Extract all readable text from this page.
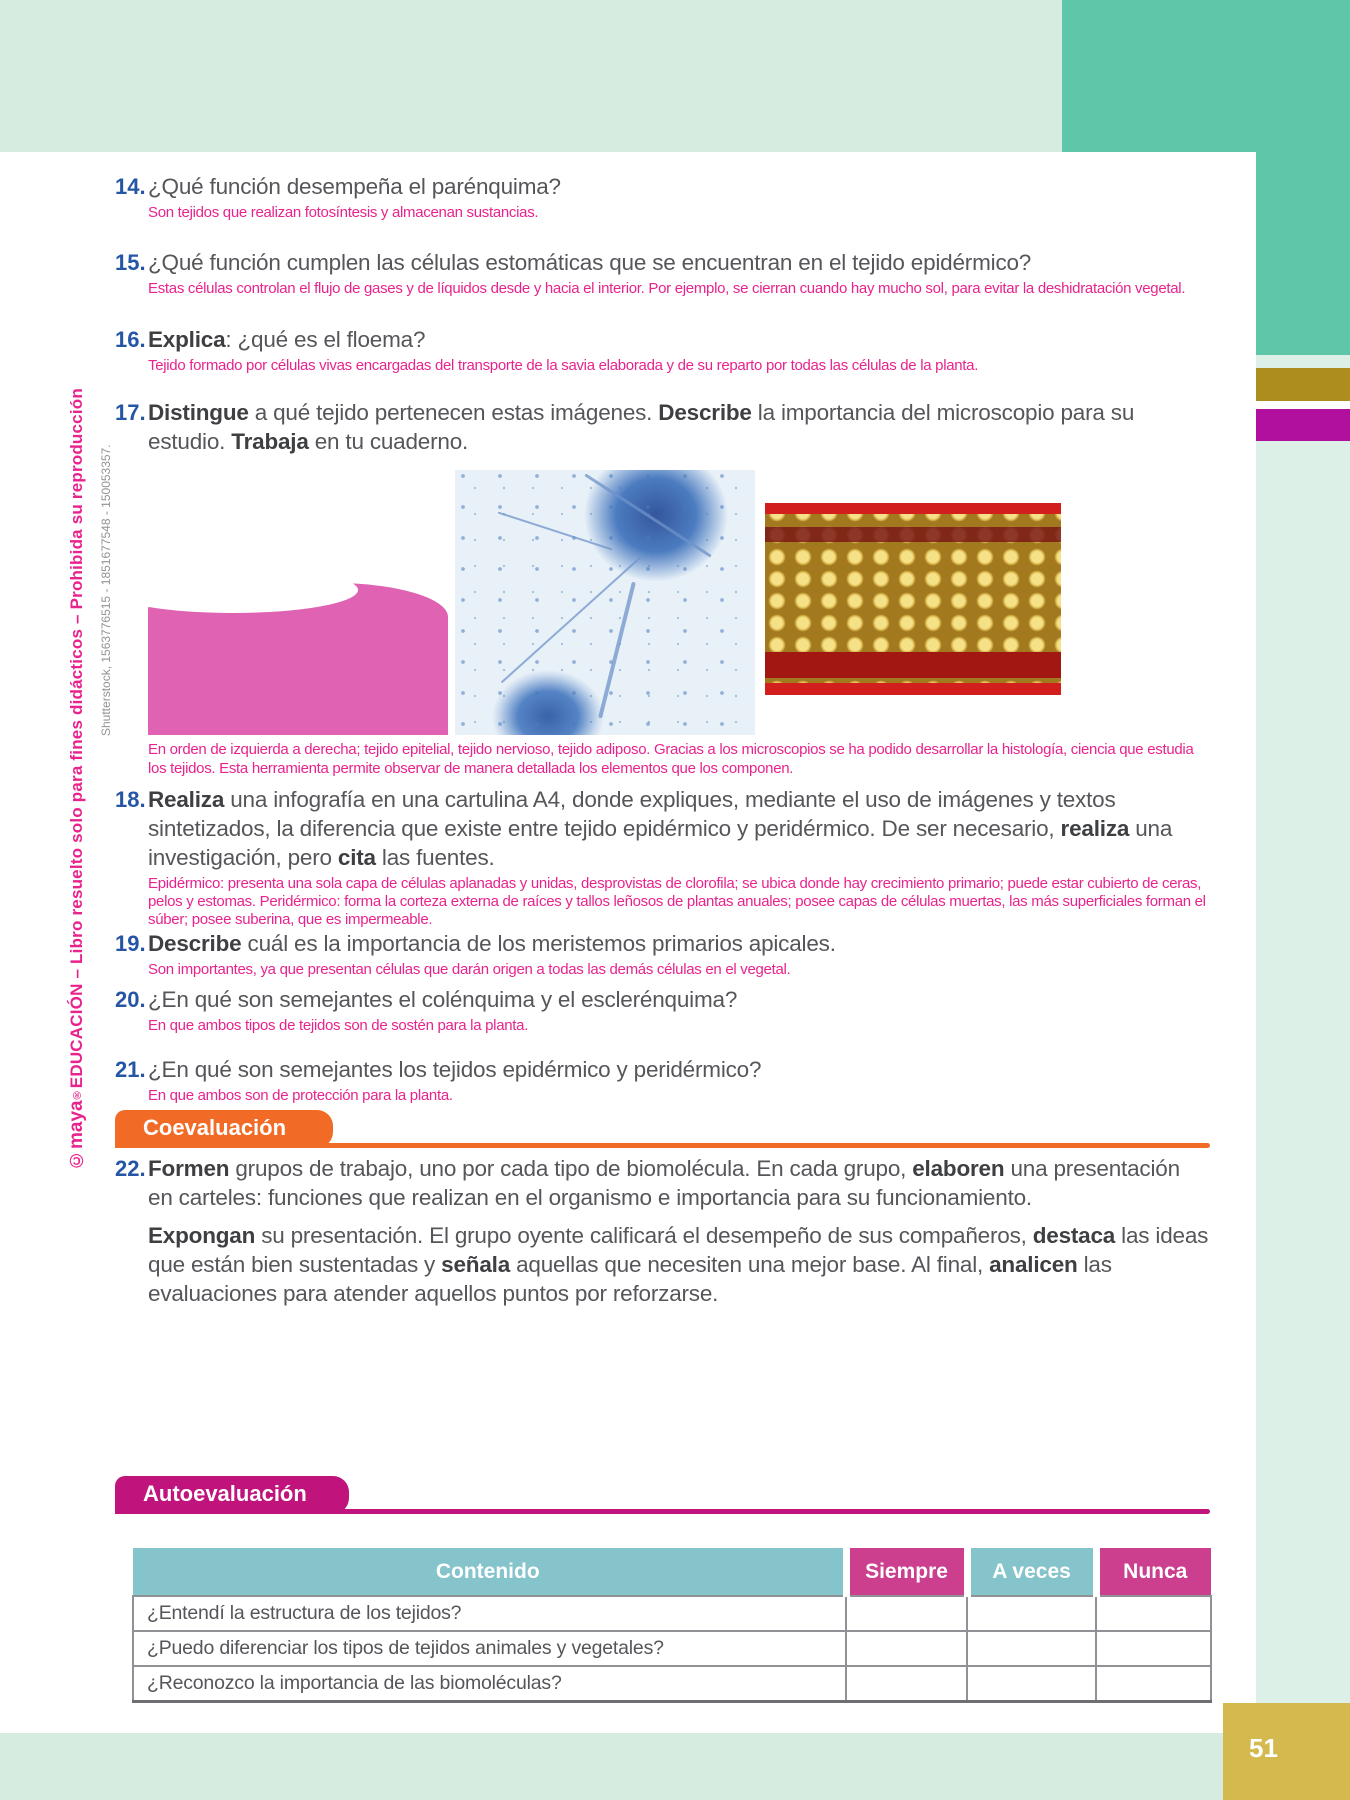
51
©maya®EDUCACIÓN – Libro resuelto solo para fines didácticos – Prohibida su reproducción	Shutterstock, 1563776515 - 1851677548 - 150053357.
14. ¿Qué función desempeña el parénquima?

Son tejidos que realizan fotosíntesis y almacenan sustancias.

15. ¿Qué función cumplen las células estomáticas que se encuentran en el tejido epidérmico?

Estas células controlan el flujo de gases y de líquidos desde y hacia el interior. Por ejemplo, se cierran cuando hay mucho sol, para evitar la deshidratación vegetal.

16. Explica: ¿qué es el floema?

Tejido formado por células vivas encargadas del transporte de la savia elaborada y de su reparto por todas las células de la planta.

17. Distingue a qué tejido pertenecen estas imágenes. Describe la importancia del microscopio para su estudio. Trabaja en tu cuaderno.

En orden de izquierda a derecha; tejido epitelial, tejido nervioso, tejido adiposo. Gracias a los microscopios se ha podido desarrollar la histología, ciencia que estudia los tejidos. Esta herramienta permite observar de manera detallada los elementos que los componen.

18. Realiza una infografía en una cartulina A4, donde expliques, mediante el uso de imágenes y textos sintetizados, la diferencia que existe entre tejido epidérmico y peridérmico. De ser necesario, realiza una investigación, pero cita las fuentes.

Epidérmico: presenta una sola capa de células aplanadas y unidas, desprovistas de clorofila; se ubica donde hay crecimiento primario; puede estar cubierto de ceras, pelos y estomas. Peridérmico: forma la corteza externa de raíces y tallos leñosos de plantas anuales; posee capas de células muertas, las más superficiales forman el súber; posee suberina, que es impermeable.

19. Describe cuál es la importancia de los meristemos primarios apicales.

Son importantes, ya que presentan células que darán origen a todas las demás células en el vegetal.

20. ¿En qué son semejantes el colénquima y el esclerénquima?

En que ambos tipos de tejidos son de sostén para la planta.

21. ¿En qué son semejantes los tejidos epidérmico y peridérmico?

En que ambos son de protección para la planta.

Coevaluación
22. Formen grupos de trabajo, uno por cada tipo de biomolécula. En cada grupo, elaboren una presentación en carteles: funciones que realizan en el organismo e importancia para su funcionamiento.

Expongan su presentación. El grupo oyente calificará el desempeño de sus compañeros, destaca las ideas que están bien sustentadas y señala aquellas que necesiten una mejor base. Al final, analicen las evaluaciones para atender aquellos puntos por reforzarse.

Autoevaluación
Contenido	Siempre	A veces	Nunca
¿Entendí la estructura de los tejidos?			
¿Puedo diferenciar los tipos de tejidos animales y vegetales?			
¿Reconozco la importancia de las biomoléculas?			
